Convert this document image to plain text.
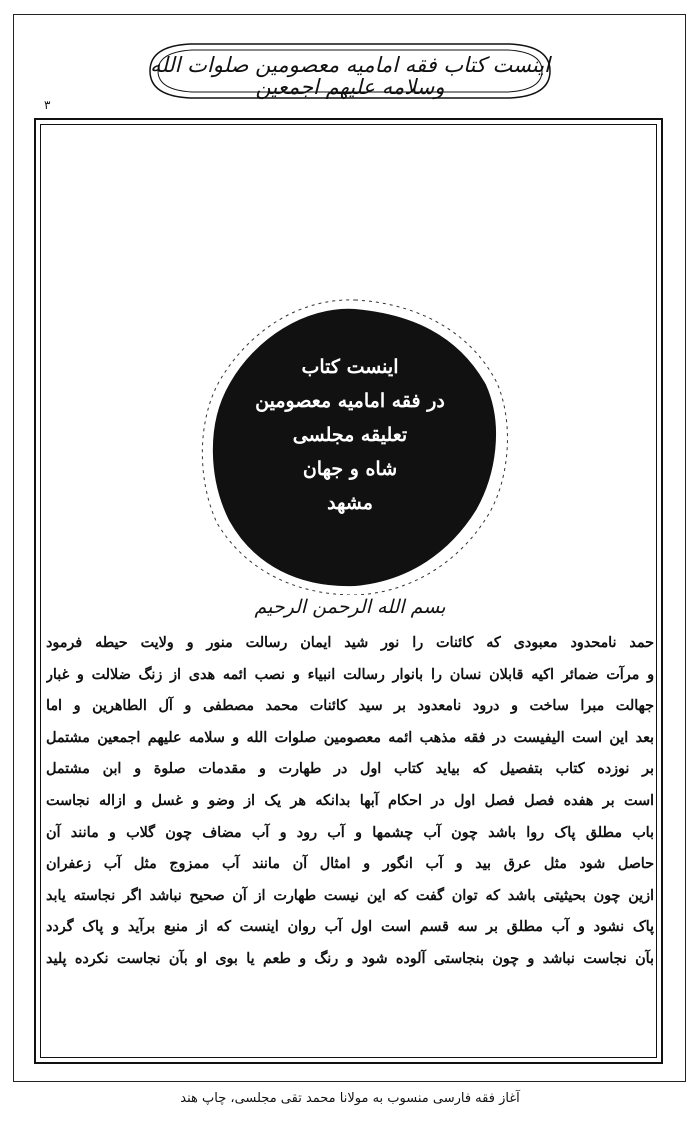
اینست کتاب فقه امامیه معصومین صلوات الله وسلامه علیهم اجمعین
۳
اینست کتاب
در فقه امامیه معصومین
تعلیقه مجلسی
شاه و جهان
مشهد
بسم الله الرحمن الرحیم
حمد نامحدود معبودی که کائنات را نور شید ایمان رسالت منور و ولایت حیطه فرمود
و مرآت ضمائر اکیه قابلان نسان را بانوار رسالت انبیاء و نصب ائمه هدی از زنگ ضلالت و غبار
جهالت مبرا ساخت و درود نامعدود بر سید کائنات محمد مصطفی و آل الطاهرین و اما
بعد این است الیفیست در فقه مذهب ائمه معصومین صلوات الله و سلامه علیهم اجمعین مشتمل
بر نوزده کتاب بتفصیل که بیاید کتاب اول در طهارت و مقدمات صلوة و ابن مشتمل
است بر هفده فصل فصل اول در احکام آبها بدانکه هر یک از وضو و غسل و ازاله نجاست
باب مطلق پاک روا باشد چون آب چشمها و آب رود و آب مضاف چون گلاب و مانند آن
حاصل شود مثل عرق بید و آب انگور و امثال آن مانند آب ممزوج مثل آب زعفران
ازین چون بحیثیتی باشد که توان گفت که این نیست طهارت از آن صحیح نباشد اگر نجاسته یابد
پاک نشود و آب مطلق بر سه قسم است اول آب روان اینست که از منبع برآید و پاک گردد
بآن نجاست نباشد و چون بنجاستی آلوده شود و رنگ و طعم یا بوی او بآن نجاست نکرده پلید
آغاز فقه فارسی منسوب به مولانا محمد تقی مجلسی، چاپ هند
